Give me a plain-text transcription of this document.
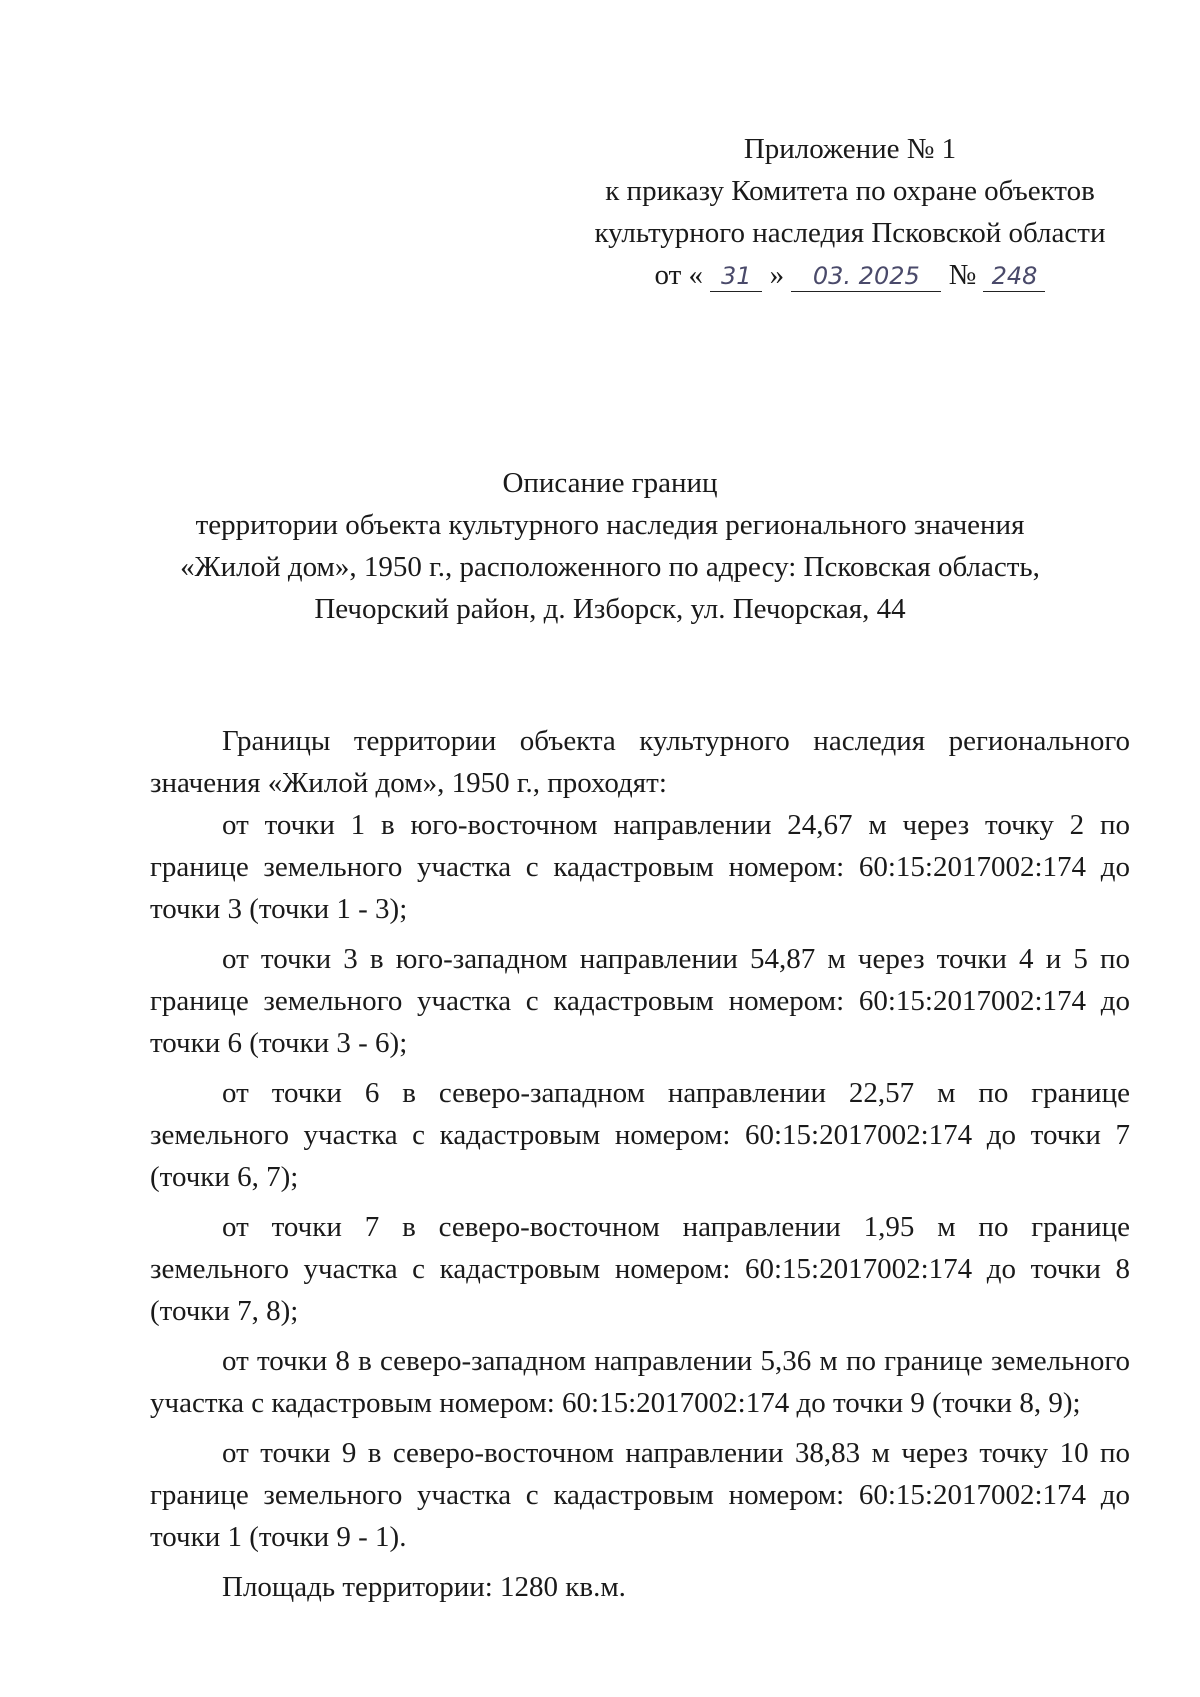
Приложение № 1
к приказу Комитета по охране объектов
культурного наследия Псковской области
от « 31 » 03. 2025 № 248
Описание границ
территории объекта культурного наследия регионального значения
«Жилой дом», 1950 г., расположенного по адресу: Псковская область,
Печорский район, д. Изборск, ул. Печорская, 44

Границы территории объекта культурного наследия регионального значения «Жилой дом», 1950 г., проходят:

от точки 1 в юго-восточном направлении 24,67 м через точку 2 по границе земельного участка с кадастровым номером: 60:15:2017002:174 до точки 3 (точки 1 - 3);

от точки 3 в юго-западном направлении 54,87 м через точки 4 и 5 по границе земельного участка с кадастровым номером: 60:15:2017002:174 до точки 6 (точки 3 - 6);

от точки 6 в северо-западном направлении 22,57 м по границе земельного участка с кадастровым номером: 60:15:2017002:174 до точки 7 (точки 6, 7);

от точки 7 в северо-восточном направлении 1,95 м по границе земельного участка с кадастровым номером: 60:15:2017002:174 до точки 8 (точки 7, 8);

от точки 8 в северо-западном направлении 5,36 м по границе земельного участка с кадастровым номером: 60:15:2017002:174 до точки 9 (точки 8, 9);

от точки 9 в северо-восточном направлении 38,83 м через точку 10 по границе земельного участка с кадастровым номером: 60:15:2017002:174 до точки 1 (точки 9 - 1).

Площадь территории: 1280 кв.м.
